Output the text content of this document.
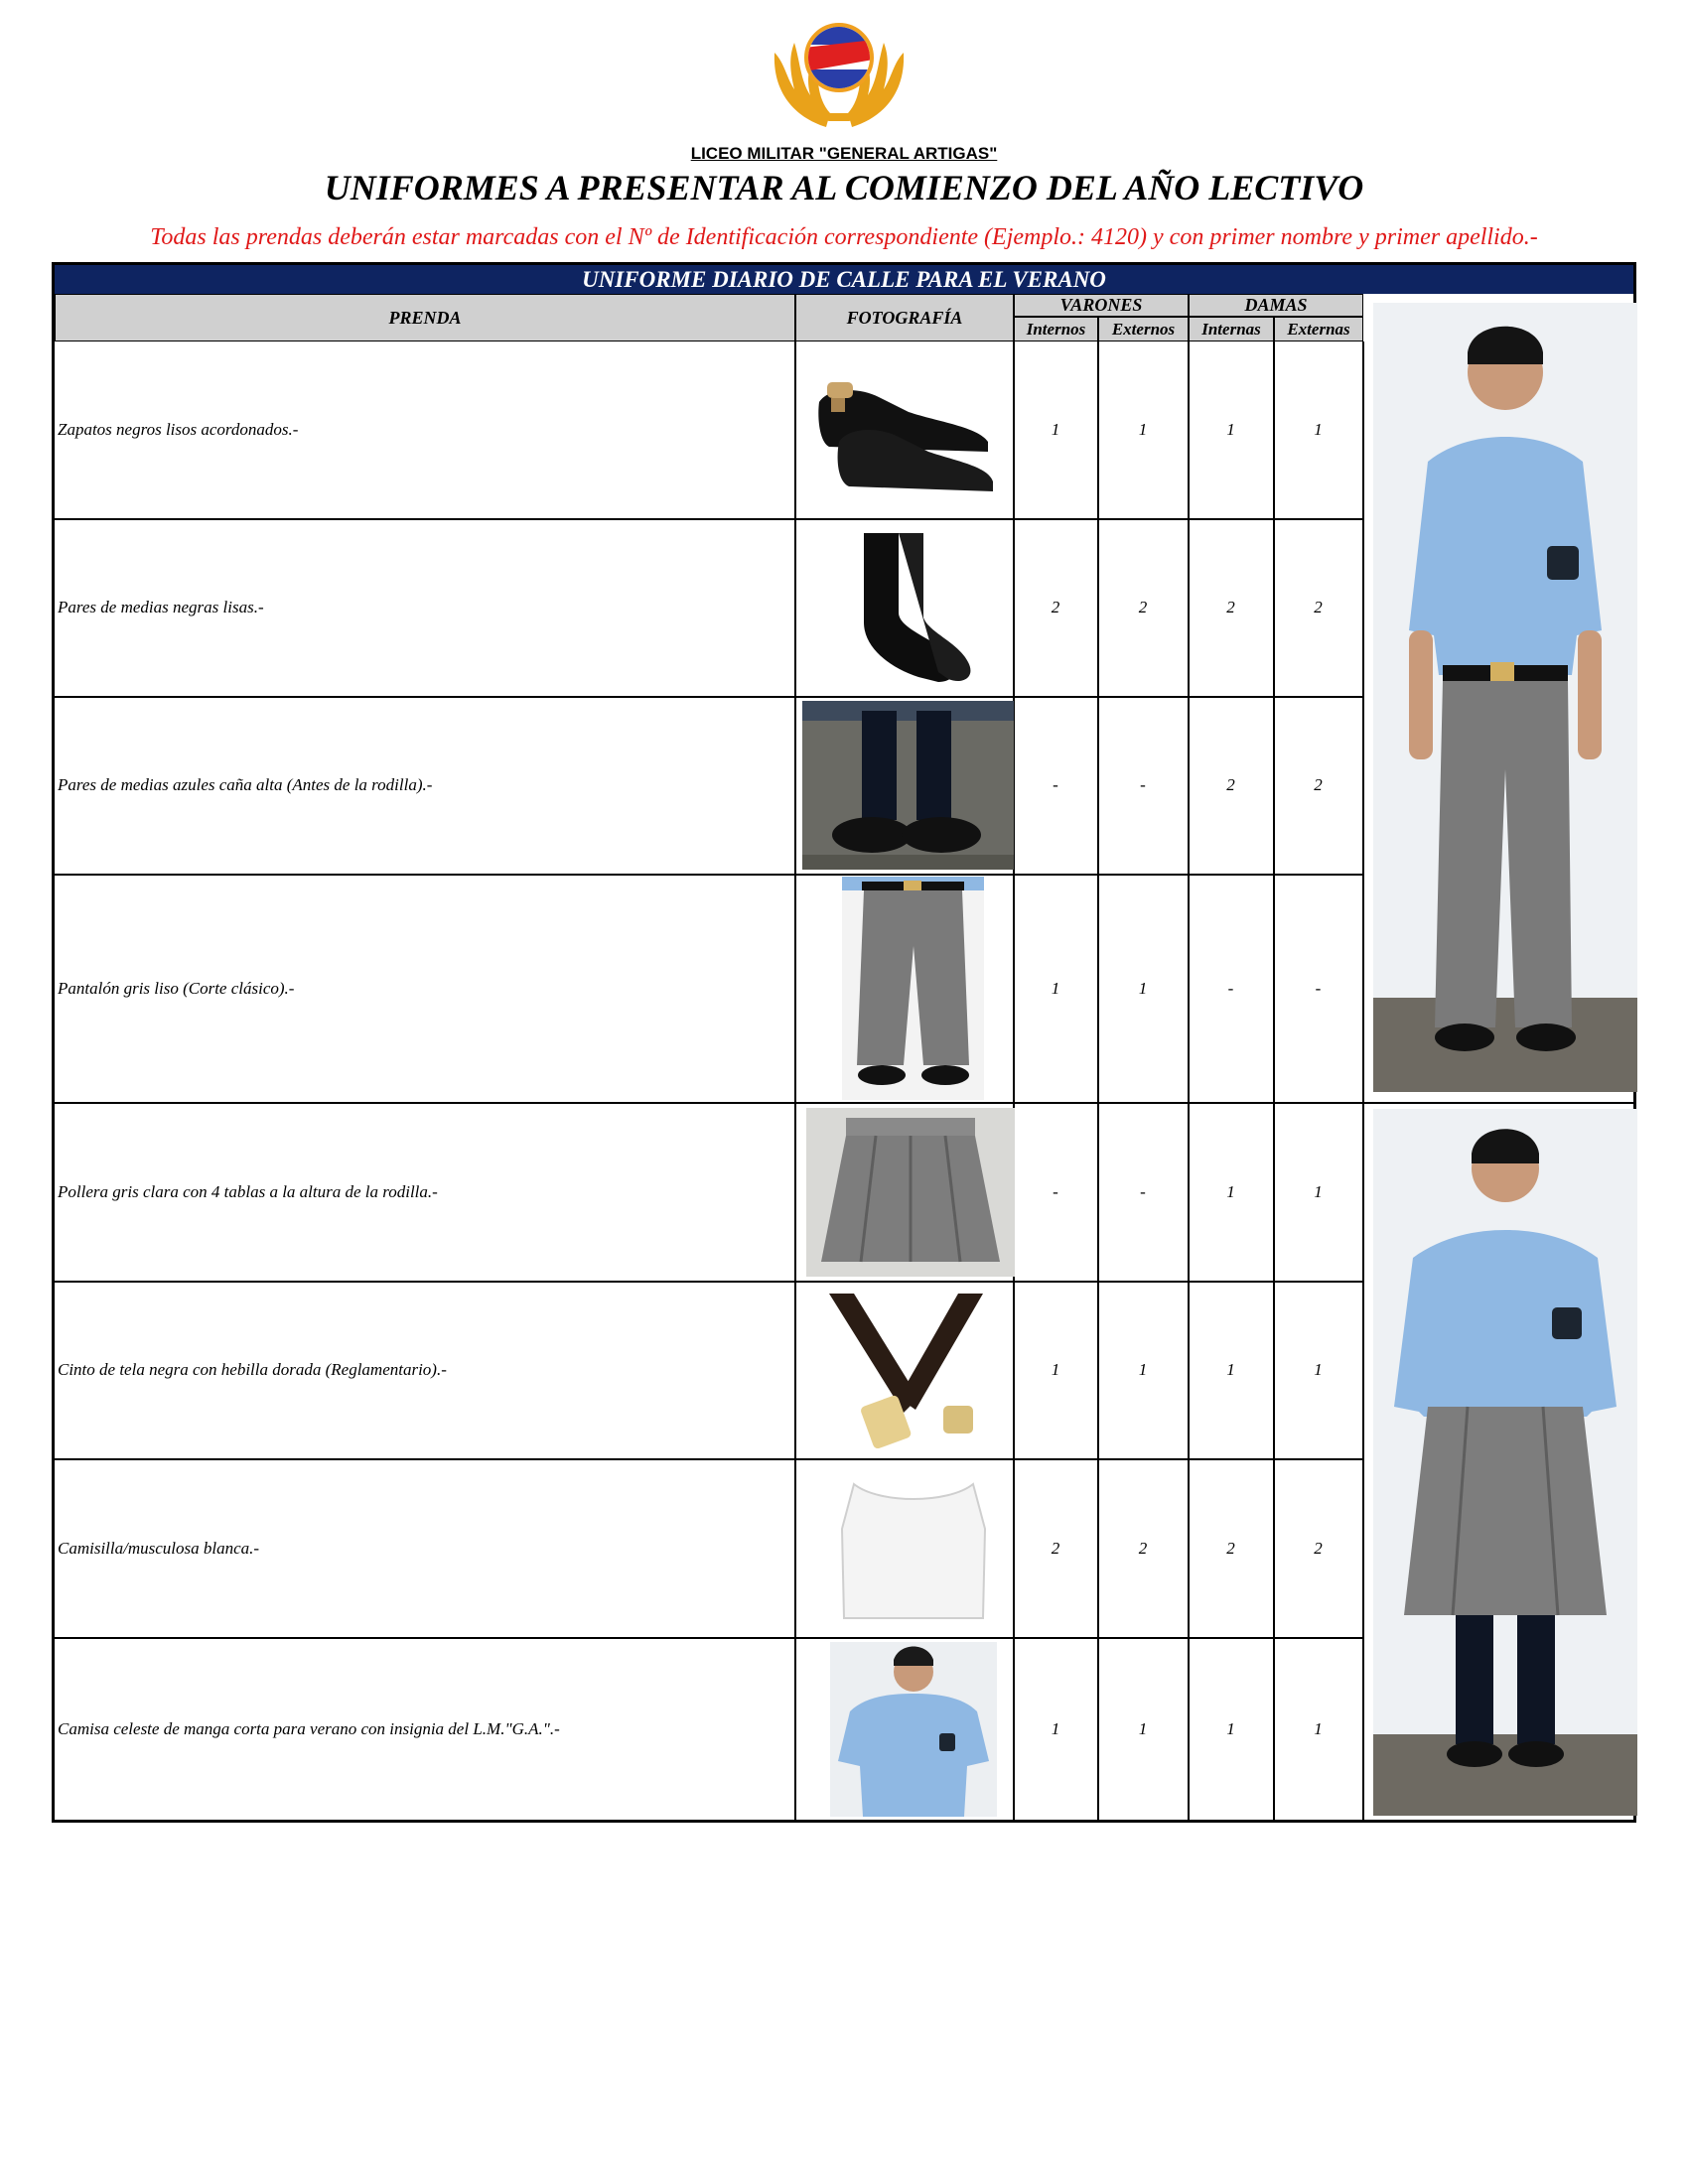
LICEO MILITAR "GENERAL ARTIGAS"
UNIFORMES A PRESENTAR AL COMIENZO DEL AÑO LECTIVO
Todas las prendas deberán estar marcadas con el Nº de Identificación correspondiente (Ejemplo.: 4120) y con primer nombre y primer apellido.-
UNIFORME DIARIO DE CALLE PARA EL VERANO
PRENDA	FOTOGRAFÍA
VARONES	DAMAS
Internos	Externos	Internas	Externas
Zapatos negros lisos acordonados.-	1	1	1	1
Pares de medias negras lisas.-	2	2	2	2
Pares de medias azules caña alta (Antes de la rodilla).-	-	-	2	2
Pantalón gris liso (Corte clásico).-	1	1	-	-
Pollera gris clara con 4 tablas a la altura de la rodilla.-	-	-	1	1
Cinto de tela negra con hebilla dorada (Reglamentario).-	1	1	1	1
Camisilla/musculosa blanca.-	2	2	2	2
Camisa celeste de manga corta para verano con insignia del L.M."G.A.".-	1	1	1	1
